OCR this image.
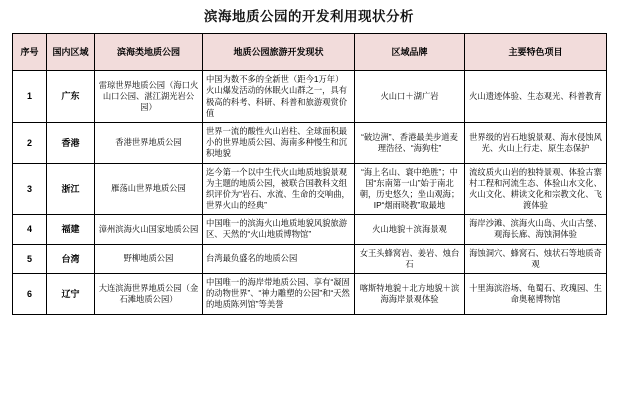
滨海地质公园的开发利用现状分析
序号	国内区域	滨海类地质公园	地质公园旅游开发现状	区域品牌	主要特色项目
1	广东	雷琼世界地质公园（海口火山口公园、湛江湖光岩公园）	中国为数不多的全新世（距今1万年）火山爆发活动的休眠火山群之一，具有极高的科考、科研、科普和旅游观赏价值	火山口＋湖广岩	火山遗迹体验、生态观光、科普教育
2	香港	香港世界地质公园	世界一流的酸性火山岩柱、全球面积最小的世界地质公园、海南多种慢生和沉积地貌	“破边洲”、香港最美步道麦理浩径、“海狗柱”	世界级的岩石地貌景观、海水侵蚀风光、火山上行走、原生态保护
3	浙江	雁荡山世界地质公园	迄今第一个以中生代火山地质地貌景观为主题的地质公园，被联合国教科文组织评价为“岩石、水流、生命的交响曲，世界火山的经典”	“海上名山、寰中绝胜”；中国“东南第一山”始于南北朝，历史悠久；坐山观海；IP“烟雨晓教”取最地	流纹质火山岩的独特景观、体验古寨村工程和河流生态、体验山水文化、火山文化、耕读文化和宗教文化、飞渡体验
4	福建	漳州滨海火山国家地质公园	中国唯一的滨海火山地质地貌风貌旅游区、天然的“火山地质博物馆”	火山地貌＋滨海景观	海岸沙滩、滨海火山岛、火山古堡、观海长廊、海蚀洞体验
5	台湾	野柳地质公园	台湾最负盛名的地质公园	女王头蜂窝岩、姜岩、烛台石	海蚀洞穴、蜂窝石、烛状石等地质奇观
6	辽宁	大连滨海世界地质公园（金石滩地质公园）	中国唯一的海岸带地质公园、享有“凝固的动物世界”、“神力雕塑的公园”和“天然的地质陈列馆”等美誉	喀斯特地貌＋北方地貌＋滨海海岸景观体验	十里海滨浴场、龟蜀石、玫瑰园、生命奥秘博物馆
